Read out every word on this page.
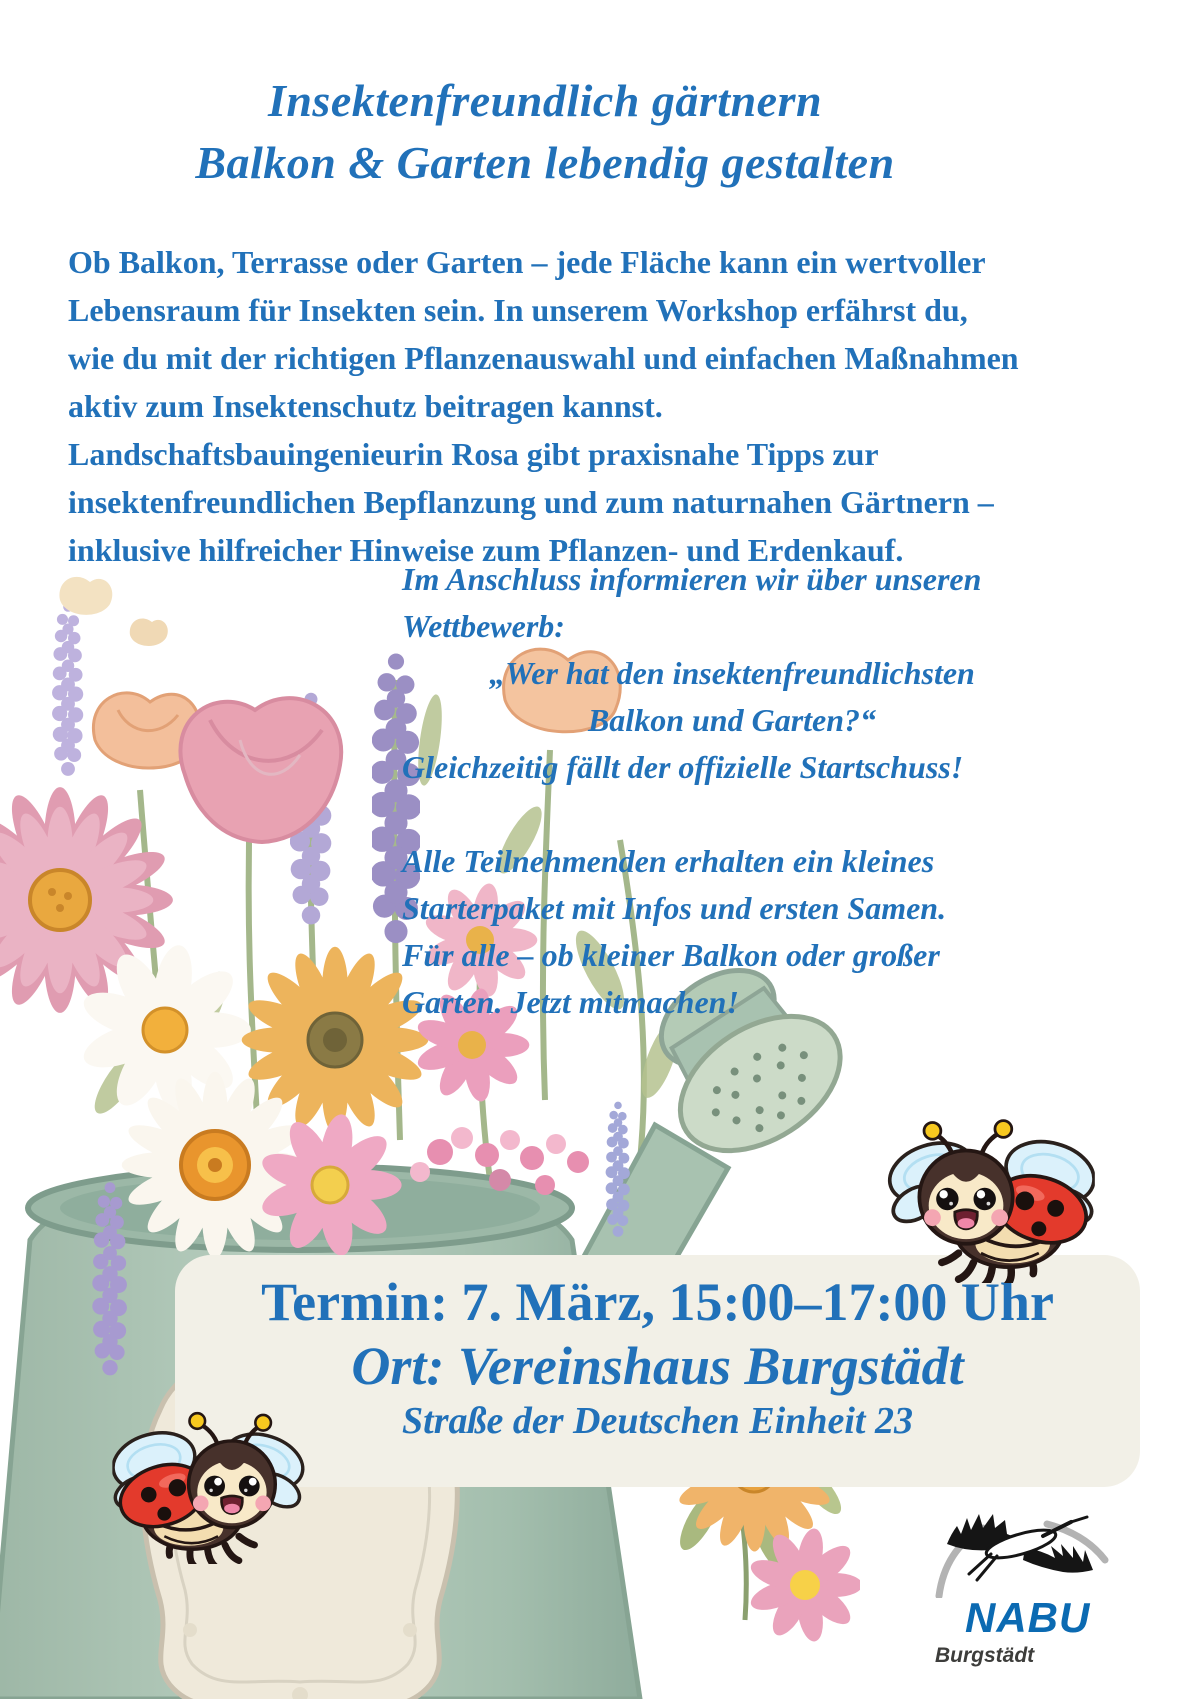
Insektenfreundlich gärtnern
Balkon & Garten lebendig gestalten
Ob Balkon, Terrasse oder Garten – jede Fläche kann ein wertvoller
Lebensraum für Insekten sein. In unserem Workshop erfährst du,
wie du mit der richtigen Pflanzenauswahl und einfachen Maßnahmen
aktiv zum Insektenschutz beitragen kannst.
Landschaftsbauingenieurin Rosa gibt praxisnahe Tipps zur
insektenfreundlichen Bepflanzung und zum naturnahen Gärtnern –
inklusive hilfreicher Hinweise zum Pflanzen- und Erdenkauf.
Im Anschluss informieren wir über unseren
Wettbewerb:
„Wer hat den insektenfreundlichsten
Balkon und Garten?“
Gleichzeitig fällt der offizielle Startschuss!
Alle Teilnehmenden erhalten ein kleines
Starterpaket mit Infos und ersten Samen.
Für alle – ob kleiner Balkon oder großer
Garten. Jetzt mitmachen!
Termin: 7. März, 15:00–17:00 Uhr
Ort: Vereinshaus Burgstädt
Straße der Deutschen Einheit 23
NABU
Burgstädt
